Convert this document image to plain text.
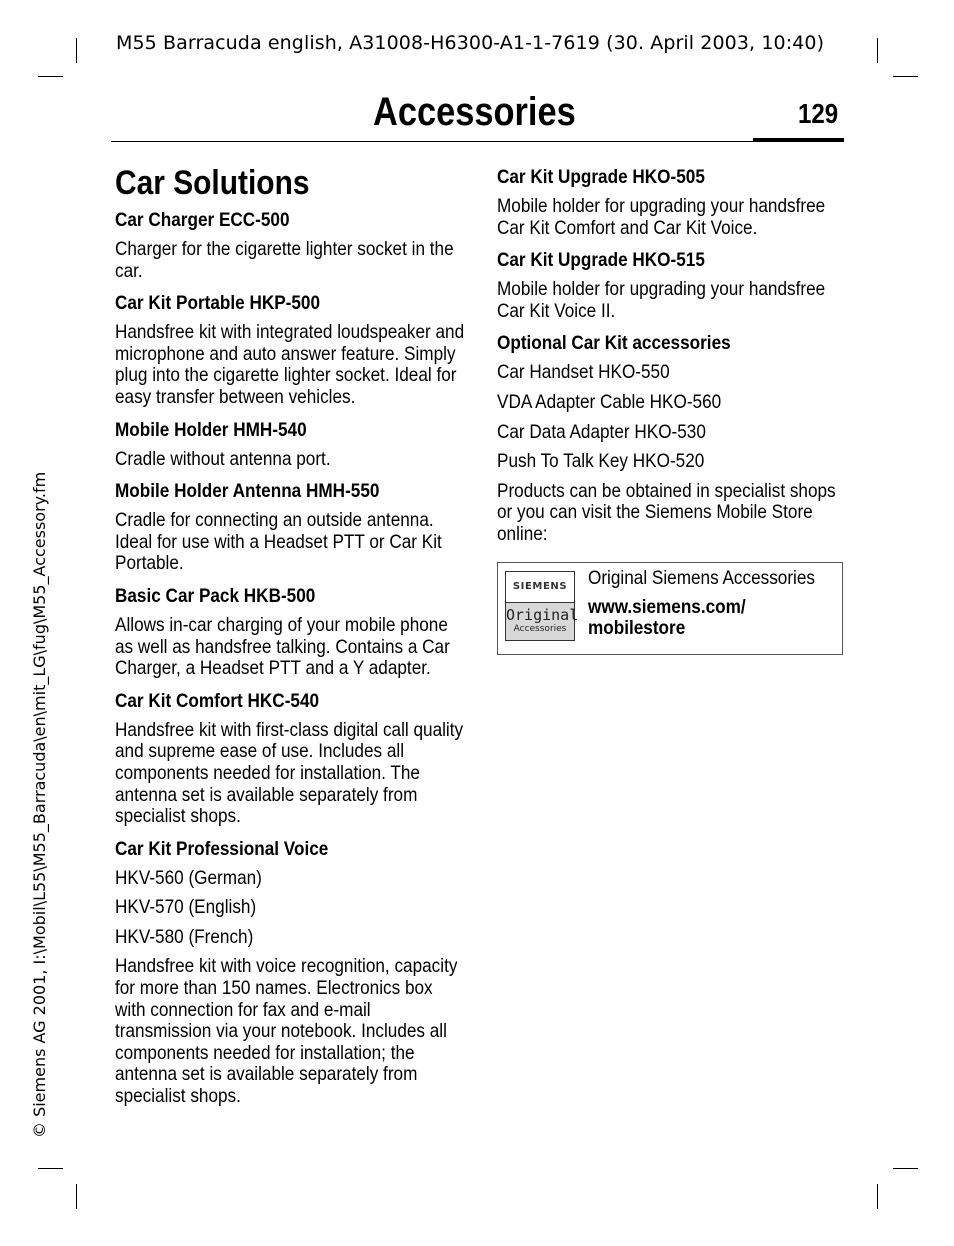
M55 Barracuda english, A31008-H6300-A1-1-7619 (30. April 2003, 10:40)
© Siemens AG 2001, I:\Mobil\L55\M55_Barracuda\en\mit_LG\fug\M55_Accessory.fm
Accessories	129
Car Solutions
Car Charger ECC-500
Charger for the cigarette lighter socket in the car.
Car Kit Portable HKP-500
Handsfree kit with integrated loudspeaker and microphone and auto answer feature. Simply plug into the cigarette lighter socket. Ideal for easy transfer between vehicles.
Mobile Holder HMH-540
Cradle without antenna port.
Mobile Holder Antenna HMH-550
Cradle for connecting an outside antenna. Ideal for use with a Headset PTT or Car Kit Portable.
Basic Car Pack HKB-500
Allows in-car charging of your mobile phone as well as handsfree talking. Contains a Car Charger, a Headset PTT and a Y adapter.
Car Kit Comfort HKC-540
Handsfree kit with first-class digital call quality and supreme ease of use. Includes all components needed for installation. The antenna set is available separately from specialist shops.
Car Kit Professional Voice
HKV-560 (German)
HKV-570 (English)
HKV-580 (French)
Handsfree kit with voice recognition, capacity for more than 150 names. Electronics box with connection for fax and e-mail transmission via your notebook. Includes all components needed for installation; the antenna set is available separately from specialist shops.
Car Kit Upgrade HKO-505
Mobile holder for upgrading your handsfree Car Kit Comfort and Car Kit Voice.
Car Kit Upgrade HKO-515
Mobile holder for upgrading your handsfree Car Kit Voice II.
Optional Car Kit accessories
Car Handset HKO-550
VDA Adapter Cable HKO-560
Car Data Adapter HKO-530
Push To Talk Key HKO-520
Products can be obtained in specialist shops or you can visit the Siemens Mobile Store online:
SIEMENS
Original
Accessories
Original Siemens Accessories
www.siemens.com/
mobilestore
